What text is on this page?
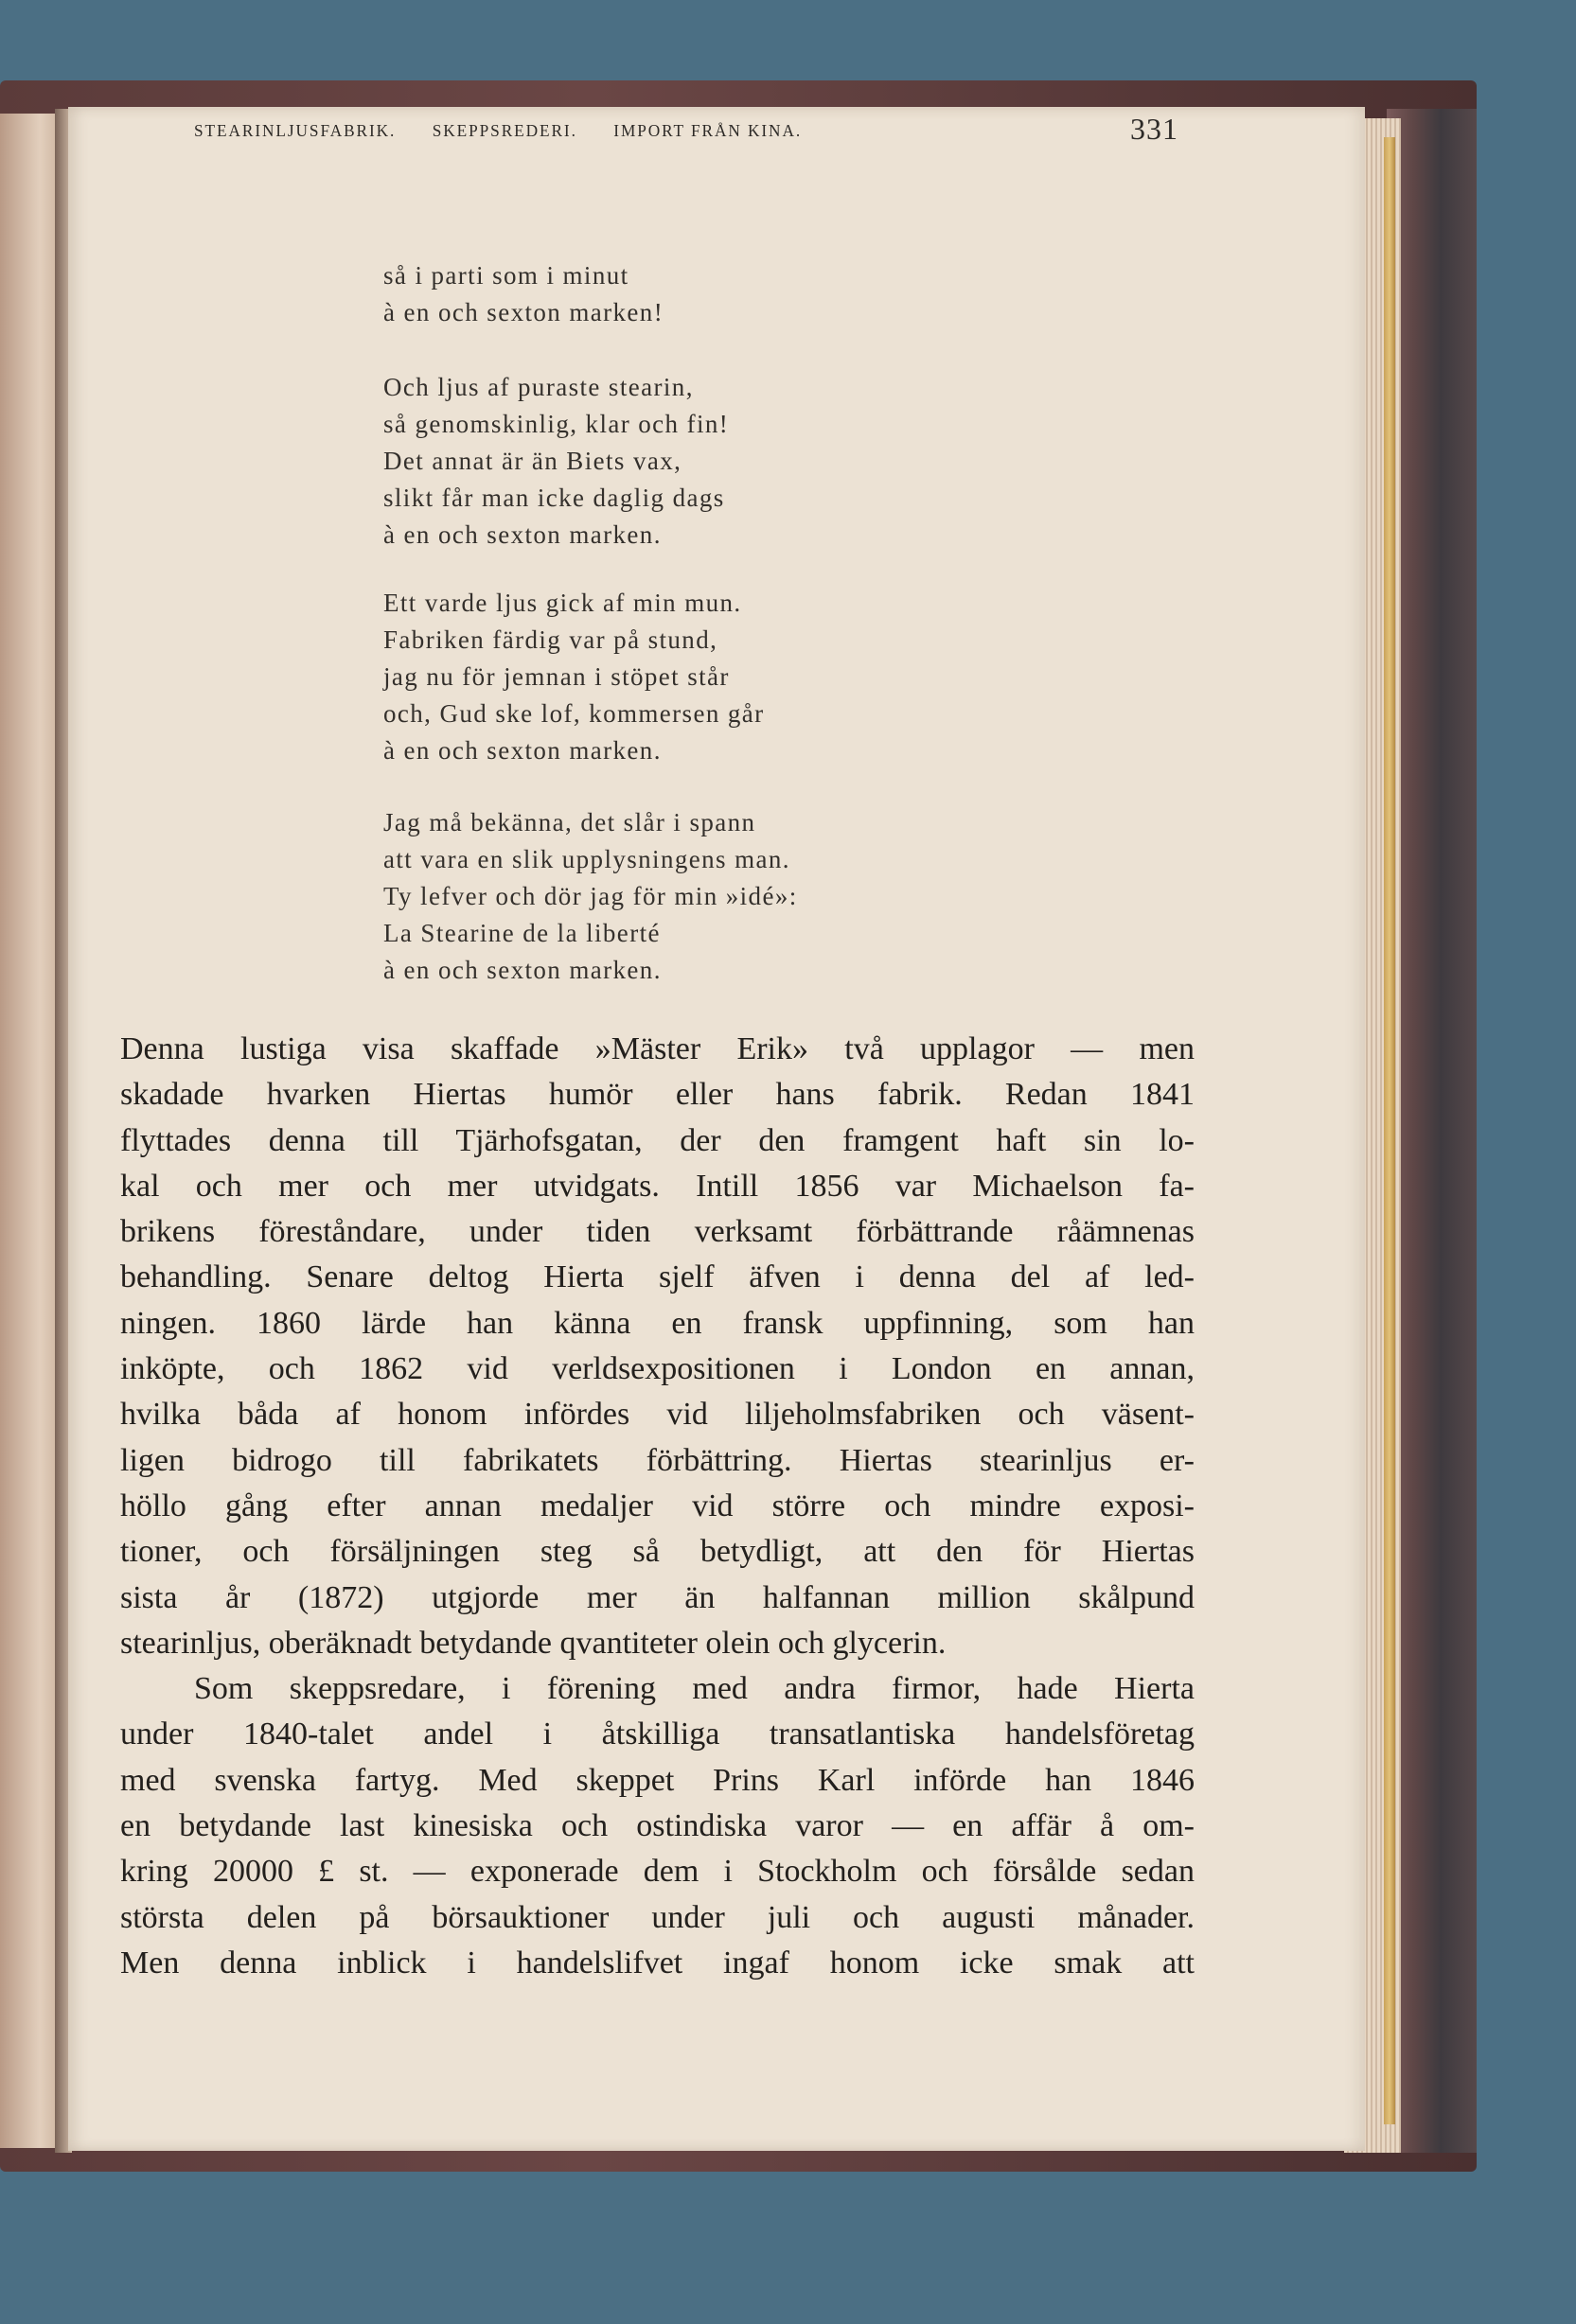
STEARINLJUSFABRIK. SKEPPSREDERI. IMPORT FRÅN KINA.	331
så i parti som i minut
à en och sexton marken!
Och ljus af puraste stearin,
så genomskinlig, klar och fin!
Det annat är än Biets vax,
slikt får man icke daglig dags
à en och sexton marken.
Ett varde ljus gick af min mun.
Fabriken färdig var på stund,
jag nu för jemnan i stöpet står
och, Gud ske lof, kommersen går
à en och sexton marken.
Jag må bekänna, det slår i spann
att vara en slik upplysningens man.
Ty lefver och dör jag för min »idé»:
La Stearine de la liberté
à en och sexton marken.
Denna lustiga visa skaffade »Mäster Erik» två upplagor — men
skadade hvarken Hiertas humör eller hans fabrik. Redan 1841
flyttades denna till Tjärhofsgatan, der den framgent haft sin lo-
kal och mer och mer utvidgats. Intill 1856 var Michaelson fa-
brikens föreståndare, under tiden verksamt förbättrande råämnenas
behandling. Senare deltog Hierta sjelf äfven i denna del af led-
ningen. 1860 lärde han känna en fransk uppfinning, som han
inköpte, och 1862 vid verldsexpositionen i London en annan,
hvilka båda af honom infördes vid liljeholmsfabriken och väsent-
ligen bidrogo till fabrikatets förbättring. Hiertas stearinljus er-
höllo gång efter annan medaljer vid större och mindre exposi-
tioner, och försäljningen steg så betydligt, att den för Hiertas
sista år (1872) utgjorde mer än halfannan million skålpund
stearinljus, oberäknadt betydande qvantiteter olein och glycerin.
Som skeppsredare, i förening med andra firmor, hade Hierta
under 1840-talet andel i åtskilliga transatlantiska handelsföretag
med svenska fartyg. Med skeppet Prins Karl införde han 1846
en betydande last kinesiska och ostindiska varor — en affär å om-
kring 20000 £ st. — exponerade dem i Stockholm och försålde sedan
största delen på börsauktioner under juli och augusti månader.
Men denna inblick i handelslifvet ingaf honom icke smak att
